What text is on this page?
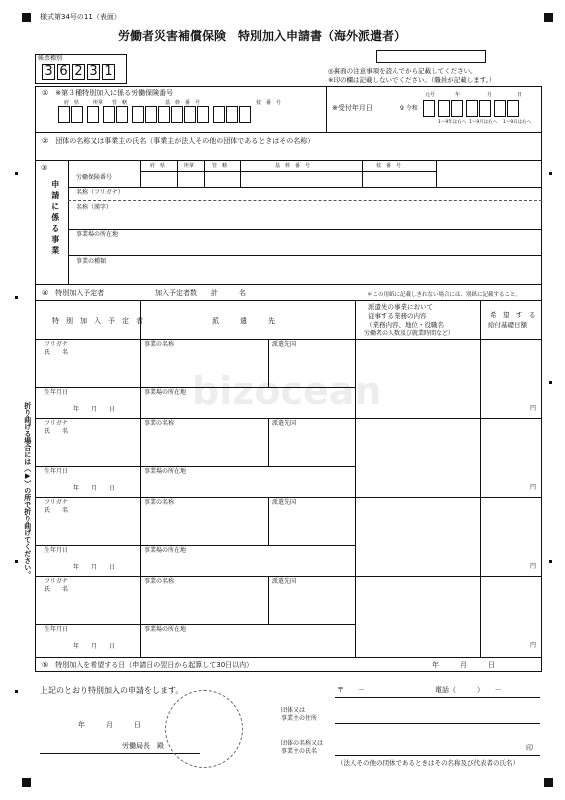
様式第34号の11（表面）
労働者災害補償保険　特別加入申請書（海外派遣者）
帳票種別
3 6 2 3 1	◎裏面の注意事項を読んでから記載してください。
※印の欄は記載しないでください。（職員が記載します。）
①　※第３種特別加入に係る労働保険番号
府　県	所掌 管　轄	基　幹　番　号	枝　番　号
※受付年月日	9 令和
元号	年	月	日
1～9年は右へ 1～9月は右へ 1～9日は右へ
②　団体の名称又は事業主の氏名（事業主が法人その他の団体であるときはその名称）
③
申請に係る事業
労働保険番号
府　県	所掌	管　轄	基　幹　番　号	枝　番　号
名称（フリガナ）
名称（漢字）
事業場の所在地
事業の種類
④　特別加入予定者	加入予定者数　　計　　　名	＊この用紙に記載しきれない場合には、別紙に記載すること。
特　別　加　入　予　定　者	派　　　遣　　　先
派遣先の事業において
従事する業務の内容
（業務内容、地位・役職名
労働者の人数及び就業時間など）
希　望　す　る
給付基礎日額
フリガナ
氏　　名
事業の名称	派遣先国
生年月日
年　　月　　日
事業場の所在地
円
フリガナ
氏　　名
事業の名称	派遣先国
生年月日
年　　月　　日
事業場の所在地
円
フリガナ
氏　　名
事業の名称	派遣先国
生年月日
年　　月　　日
事業場の所在地
円
フリガナ
氏　　名
事業の名称	派遣先国
生年月日
年　　月　　日
事業場の所在地
円
⑤　特別加入を希望する日（申請日の翌日から起算して30日以内）	年　　　月　　　日
上記のとおり特別加入の申請をします。
年　　　月　　　日
労働局長　殿
〒　　－	電話（　　　）　　－
団体又は
事業主の住所
団体の名称又は
事業主の氏名	印
（法人その他の団体であるときはその名称及び代表者の氏名）
折り曲げる場合には（▶）の所で折り曲げてください。
bizocean
